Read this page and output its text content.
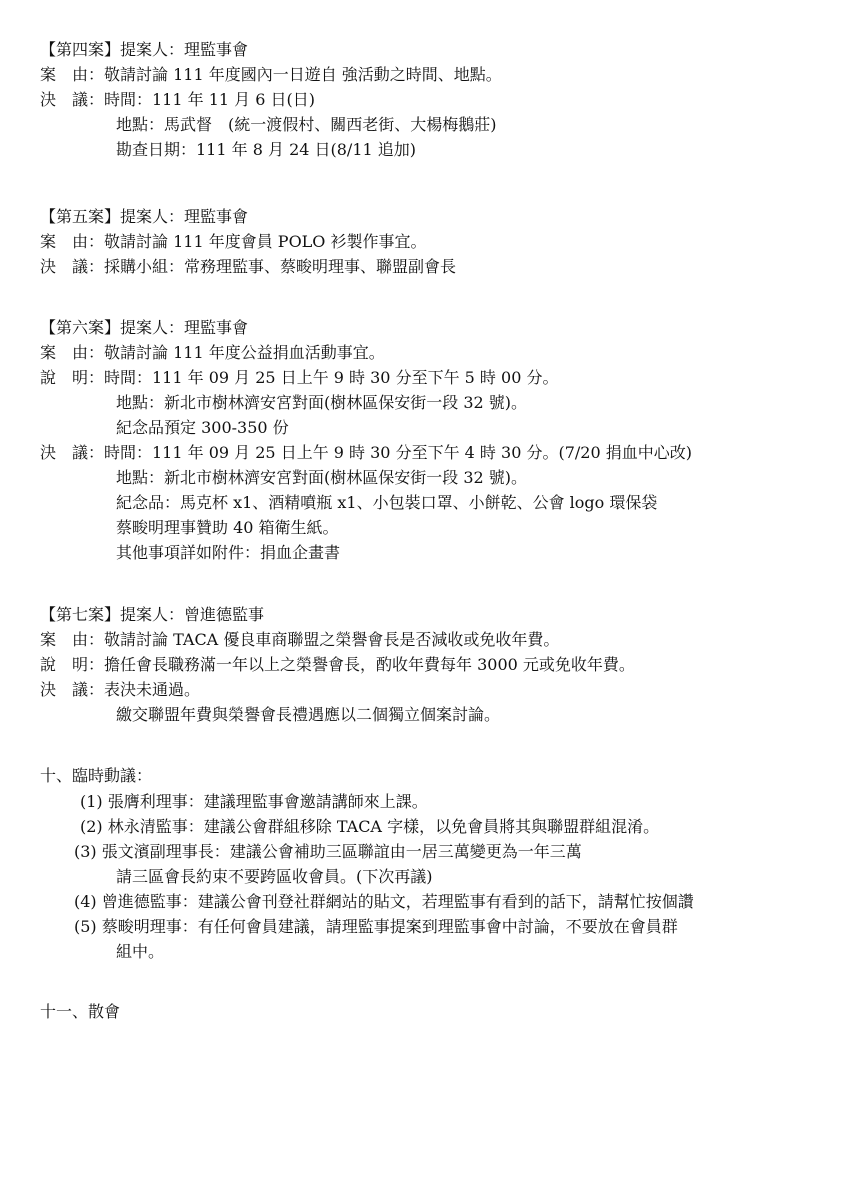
【第四案】提案人：理監事會
案　由：敬請討論 111 年度國內一日遊自 強活動之時間、地點。
決　議：時間：111 年 11 月 6 日(日)
地點：馬武督　(統一渡假村、關西老街、大楊梅鵝莊)
勘查日期：111 年 8 月 24 日(8/11 追加)
【第五案】提案人：理監事會
案　由：敬請討論 111 年度會員 POLO 衫製作事宜。
決　議：採購小組：常務理監事、蔡畯明理事、聯盟副會長
【第六案】提案人：理監事會
案　由：敬請討論 111 年度公益捐血活動事宜。
說　明：時間：111 年 09 月 25 日上午 9 時 30 分至下午 5 時 00 分。
地點：新北市樹林濟安宮對面(樹林區保安街一段 32 號)。
紀念品預定 300-350 份
決　議：時間：111 年 09 月 25 日上午 9 時 30 分至下午 4 時 30 分。(7/20 捐血中心改)
地點：新北市樹林濟安宮對面(樹林區保安街一段 32 號)。
紀念品：馬克杯 x1、酒精噴瓶 x1、小包裝口罩、小餅乾、公會 logo 環保袋
蔡畯明理事贊助 40 箱衛生紙。
其他事項詳如附件：捐血企畫書
【第七案】提案人：曾進德監事
案　由：敬請討論 TACA 優良車商聯盟之榮譽會長是否減收或免收年費。
說　明：擔任會長職務滿一年以上之榮譽會長，酌收年費每年 3000 元或免收年費。
決　議：表決未通過。
繳交聯盟年費與榮譽會長禮遇應以二個獨立個案討論。
十、臨時動議：
(1) 張膺利理事：建議理監事會邀請講師來上課。
(2) 林永清監事：建議公會群組移除 TACA 字樣，以免會員將其與聯盟群組混淆。
(3) 張文濱副理事長：建議公會補助三區聯誼由一居三萬變更為一年三萬
請三區會長約束不要跨區收會員。(下次再議)
(4) 曾進德監事：建議公會刊登社群網站的貼文，若理監事有看到的話下，請幫忙按個讚
(5) 蔡畯明理事：有任何會員建議，請理監事提案到理監事會中討論，不要放在會員群
組中。
十一、散會
